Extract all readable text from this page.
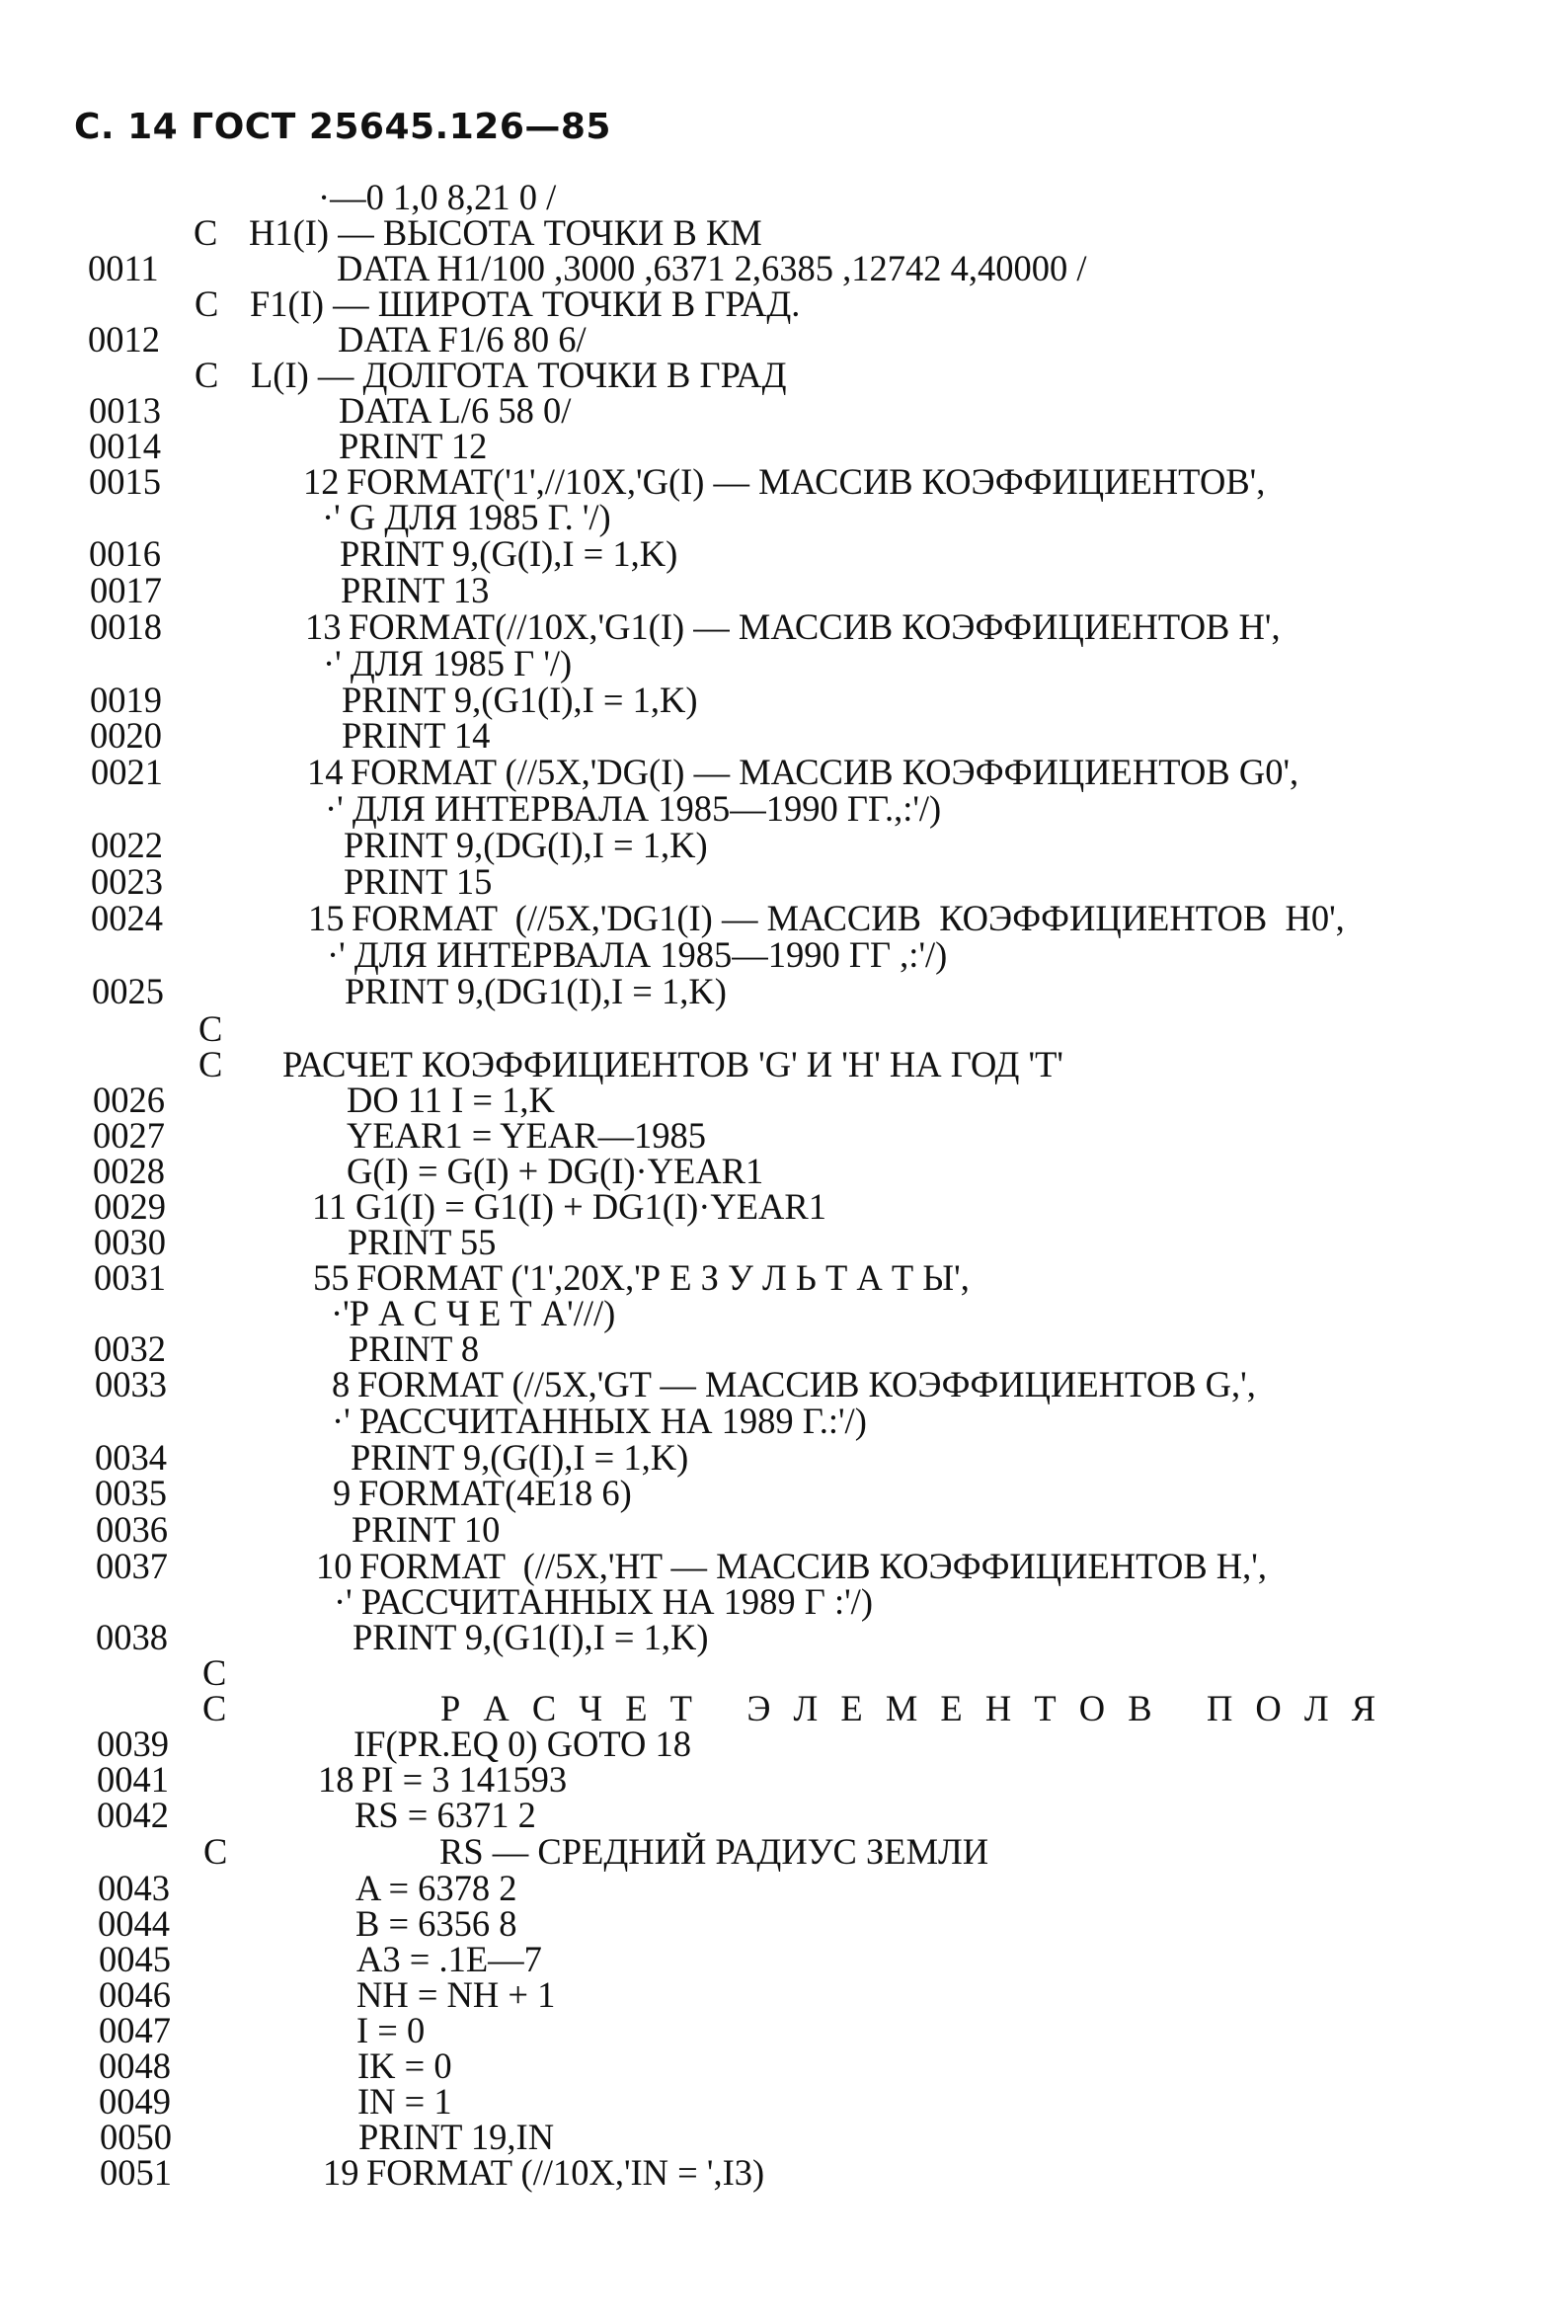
С. 14 ГОСТ 25645.126—85
·—0 1,0 8,21 0 /
C H1(I) — ВЫСОТА ТОЧКИ В КМ
0011	DATA H1/100 ,3000 ,6371 2,6385 ,12742 4,40000 /
C F1(I) — ШИРОТА ТОЧКИ В ГРАД.
0012	DATA F1/6 80 6/
C L(I) — ДОЛГОТА ТОЧКИ В ГРАД
0013	DATA L/6 58 0/
0014	PRINT 12
0015	12 FORMAT('1',//10X,'G(I) — МАССИВ КОЭФФИЦИЕНТОВ',
·' G ДЛЯ 1985 Г. '/)
0016	PRINT 9,(G(I),I = 1,K)
0017	PRINT 13
0018	13 FORMAT(//10X,'G1(I) — МАССИВ КОЭФФИЦИЕНТОВ H',
·' ДЛЯ 1985 Г '/)
0019	PRINT 9,(G1(I),I = 1,K)
0020	PRINT 14
0021	14 FORMAT (//5X,'DG(I) — МАССИВ КОЭФФИЦИЕНТОВ G0',
·' ДЛЯ ИНТЕРВАЛА 1985—1990 ГГ.,:'/)
0022	PRINT 9,(DG(I),I = 1,K)
0023	PRINT 15
0024	15 FORMAT  (//5X,'DG1(I) — МАССИВ  КОЭФФИЦИЕНТОВ  H0',
·' ДЛЯ ИНТЕРВАЛА 1985—1990 ГГ ,:'/)
0025	PRINT 9,(DG1(I),I = 1,K)
C
C РАСЧЕТ КОЭФФИЦИЕНТОВ 'G' И 'H' НА ГОД 'T'
0026	DO 11 I = 1,K
0027	YEAR1 = YEAR—1985
0028	G(I) = G(I) + DG(I)·YEAR1
0029	11 G1(I) = G1(I) + DG1(I)·YEAR1
0030	PRINT 55
0031	55 FORMAT ('1',20X,'Р Е З У Л Ь Т А Т Ы',
·'Р А С Ч Е Т А'///)
0032	PRINT 8
0033	8 FORMAT (//5X,'GT — МАССИВ КОЭФФИЦИЕНТОВ G,',
·' РАССЧИТАННЫХ НА 1989 Г.:'/)
0034	PRINT 9,(G(I),I = 1,K)
0035	9 FORMAT(4E18 6)
0036	PRINT 10
0037	10 FORMAT  (//5X,'HT — МАССИВ КОЭФФИЦИЕНТОВ H,',
·' РАССЧИТАННЫХ НА 1989 Г :'/)
0038	PRINT 9,(G1(I),I = 1,K)
C
C	Р А С Ч Е Т   Э Л Е М Е Н Т О В   П О Л Я
0039	IF(PR.EQ 0) GOTO 18
0041	18 PI = 3 141593
0042	RS = 6371 2
C	RS — СРЕДНИЙ РАДИУС ЗЕМЛИ
0043	A = 6378 2
0044	B = 6356 8
0045	A3 = .1E—7
0046	NH = NH + 1
0047	I = 0
0048	IK = 0
0049	IN = 1
0050	PRINT 19,IN
0051	19 FORMAT (//10X,'IN = ',I3)
